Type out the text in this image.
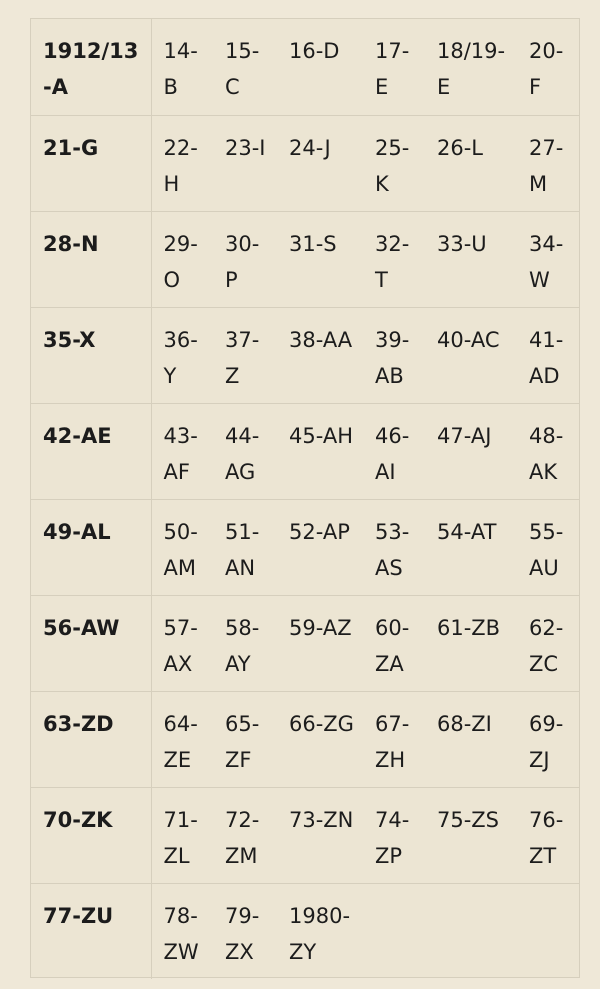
1912/13-A	14-B	15-C	16-D	17-E	18/19-E	20-F
21-G	22-H	23-I	24-J	25-K	26-L	27-M
28-N	29-O	30-P	31-S	32-T	33-U	34-W
35-X	36-Y	37-Z	38-AA	39-AB	40-AC	41-AD
42-AE	43-AF	44-AG	45-AH	46-AI	47-AJ	48-AK
49-AL	50-AM	51-AN	52-AP	53-AS	54-AT	55-AU
56-AW	57-AX	58-AY	59-AZ	60-ZA	61-ZB	62-ZC
63-ZD	64-ZE	65-ZF	66-ZG	67-ZH	68-ZI	69-ZJ
70-ZK	71-ZL	72-ZM	73-ZN	74-ZP	75-ZS	76-ZT
77-ZU	78-ZW	79-ZX	1980-ZY			
